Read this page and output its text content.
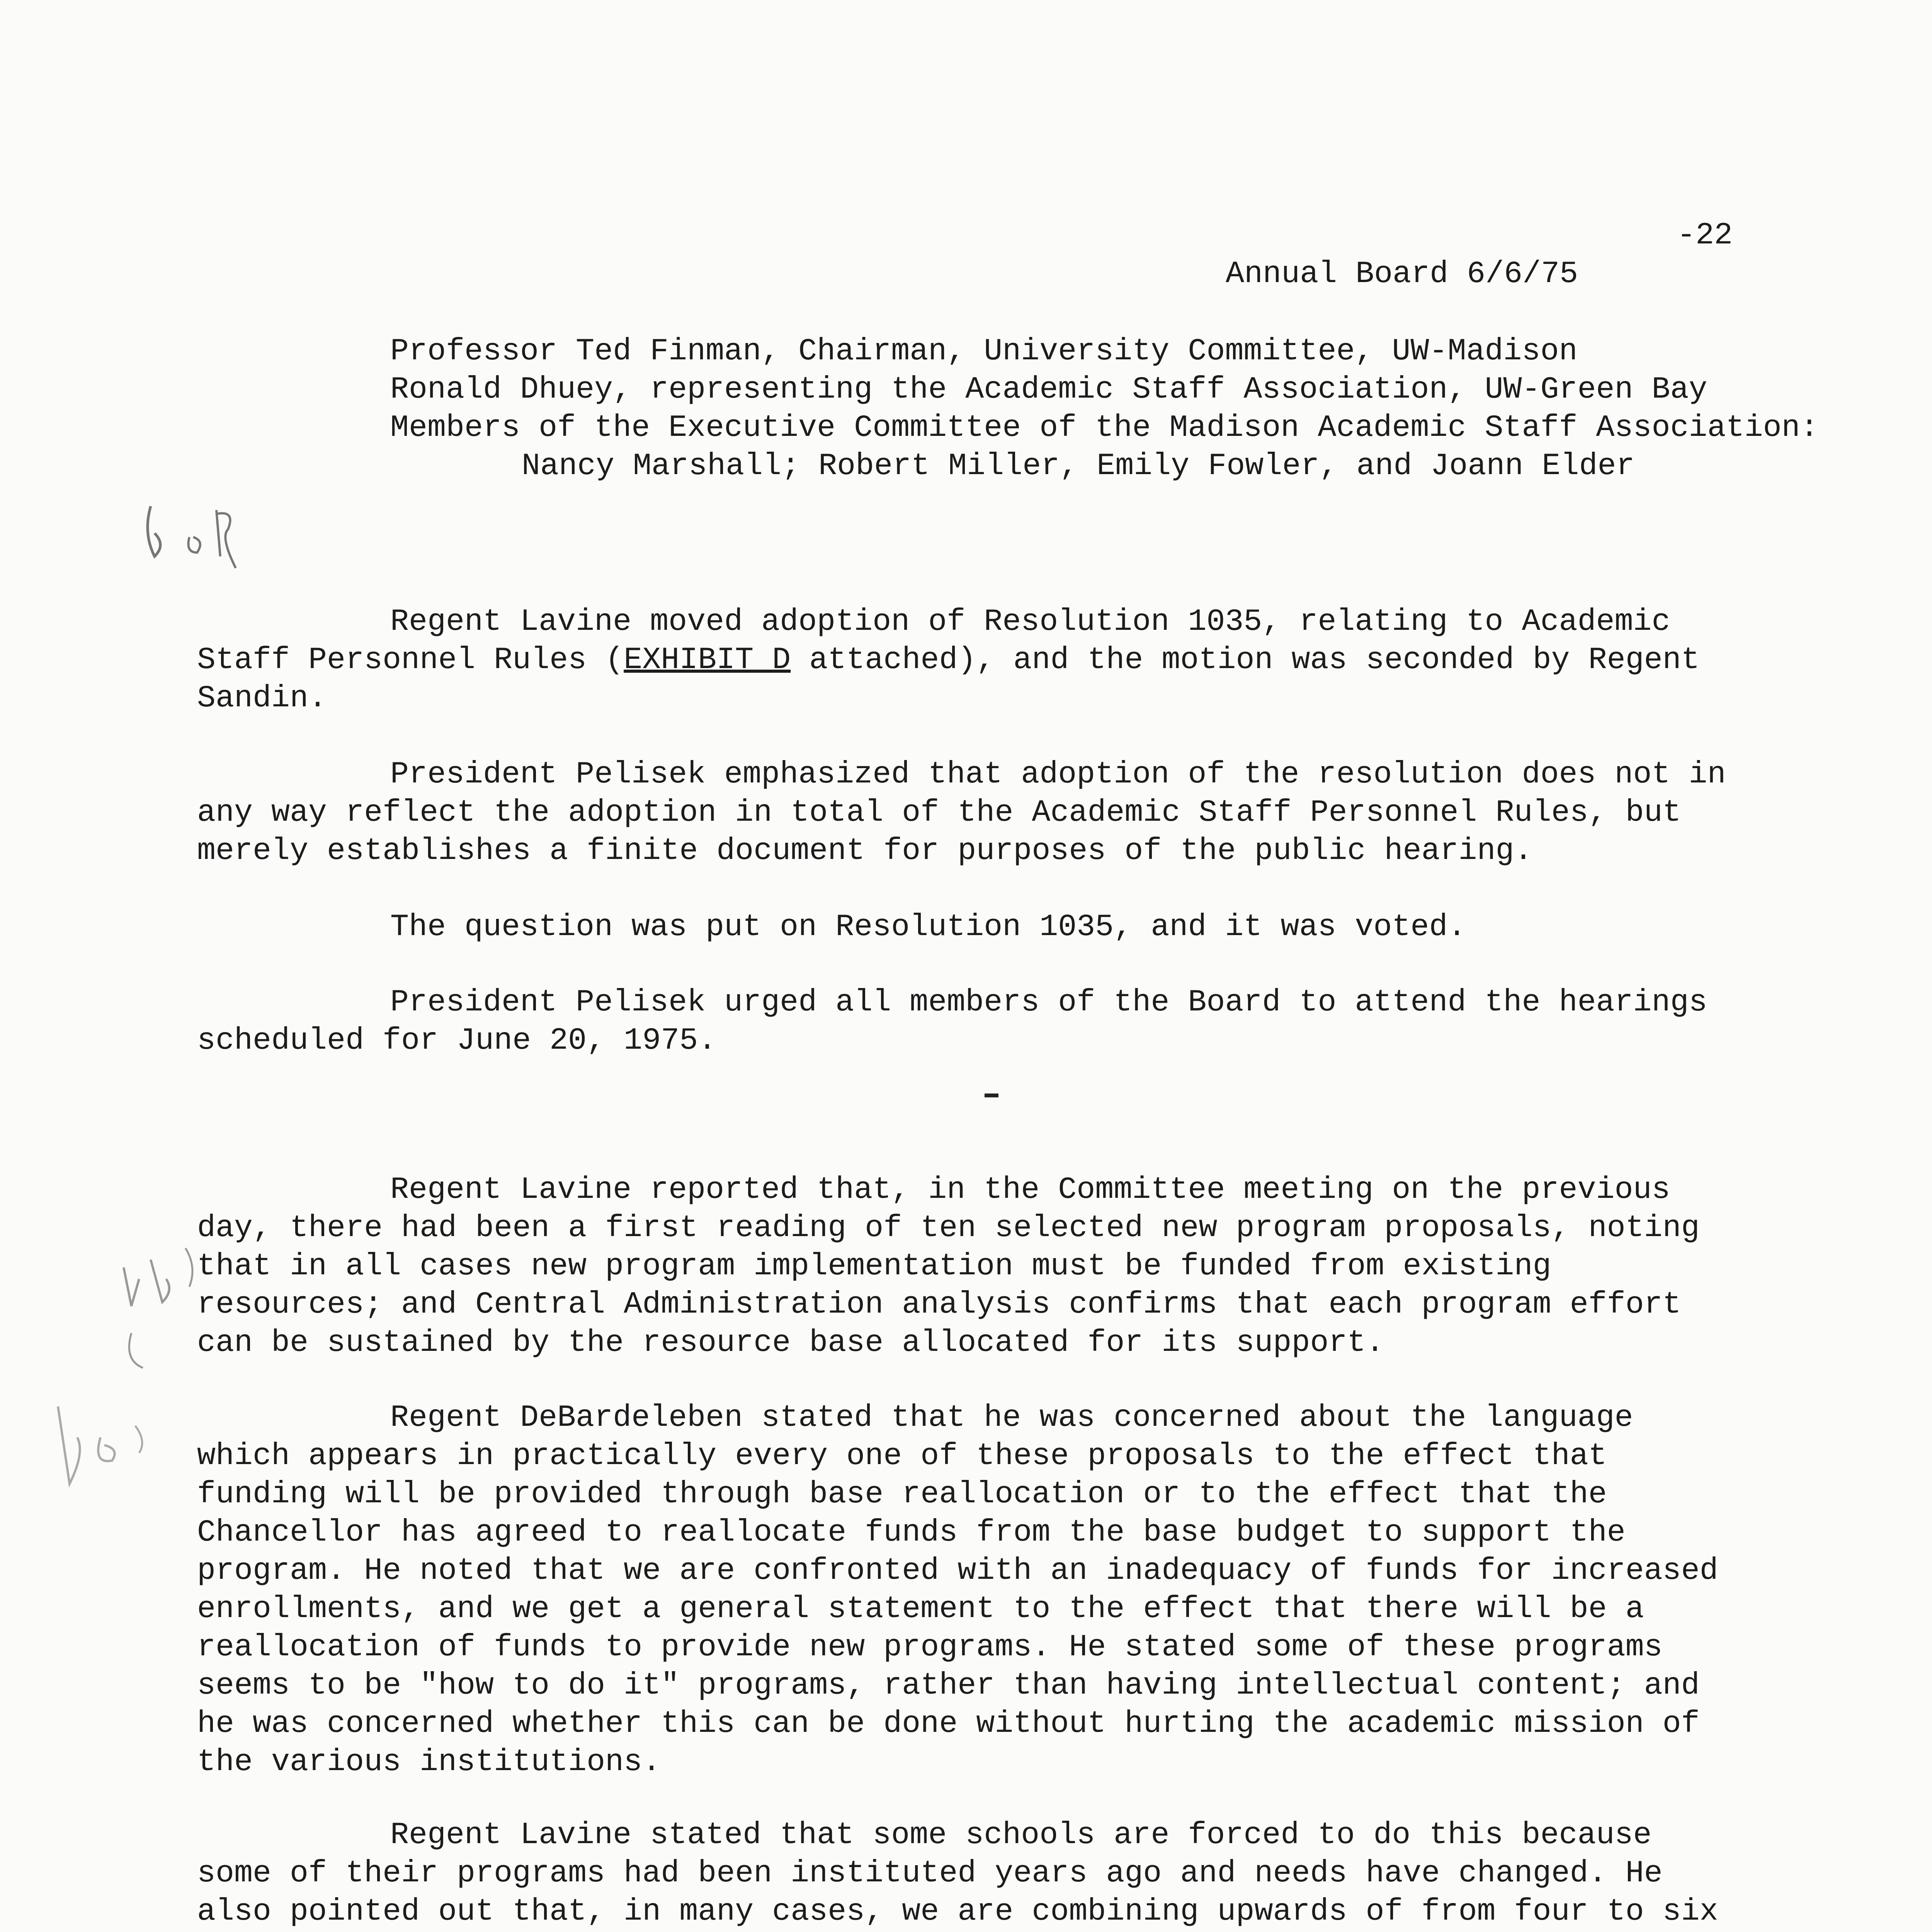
Annual Board 6/6/75

-22

Professor Ted Finman, Chairman, University Committee, UW-Madison

Ronald Dhuey, representing the Academic Staff Association, UW-Green Bay

Members of the Executive Committee of the Madison Academic Staff Association: Nancy Marshall; Robert Miller, Emily Fowler, and Joann Elder

Regent Lavine moved adoption of Resolution 1035, relating to Academic Staff Personnel Rules (EXHIBIT D attached), and the motion was seconded by Regent Sandin.

President Pelisek emphasized that adoption of the resolution does not in any way reflect the adoption in total of the Academic Staff Personnel Rules, but merely establishes a finite document for purposes of the public hearing.

The question was put on Resolution 1035, and it was voted.

President Pelisek urged all members of the Board to attend the hearings scheduled for June 20, 1975.

Regent Lavine reported that, in the Committee meeting on the previous day, there had been a first reading of ten selected new program proposals, noting that in all cases new program implementation must be funded from existing resources; and Central Administration analysis confirms that each program effort can be sustained by the resource base allocated for its support.

Regent DeBardeleben stated that he was concerned about the language which appears in practically every one of these proposals to the effect that funding will be provided through base reallocation or to the effect that the Chancellor has agreed to reallocate funds from the base budget to support the program. He noted that we are confronted with an inadequacy of funds for increased enrollments, and we get a general statement to the effect that there will be a reallocation of funds to provide new programs. He stated some of these programs seems to be "how to do it" programs, rather than having intellectual content; and he was concerned whether this can be done without hurting the academic mission of the various institutions.

Regent Lavine stated that some schools are forced to do this because some of their programs had been instituted years ago and needs have changed. He also pointed out that, in many cases, we are combining upwards of from four to six
